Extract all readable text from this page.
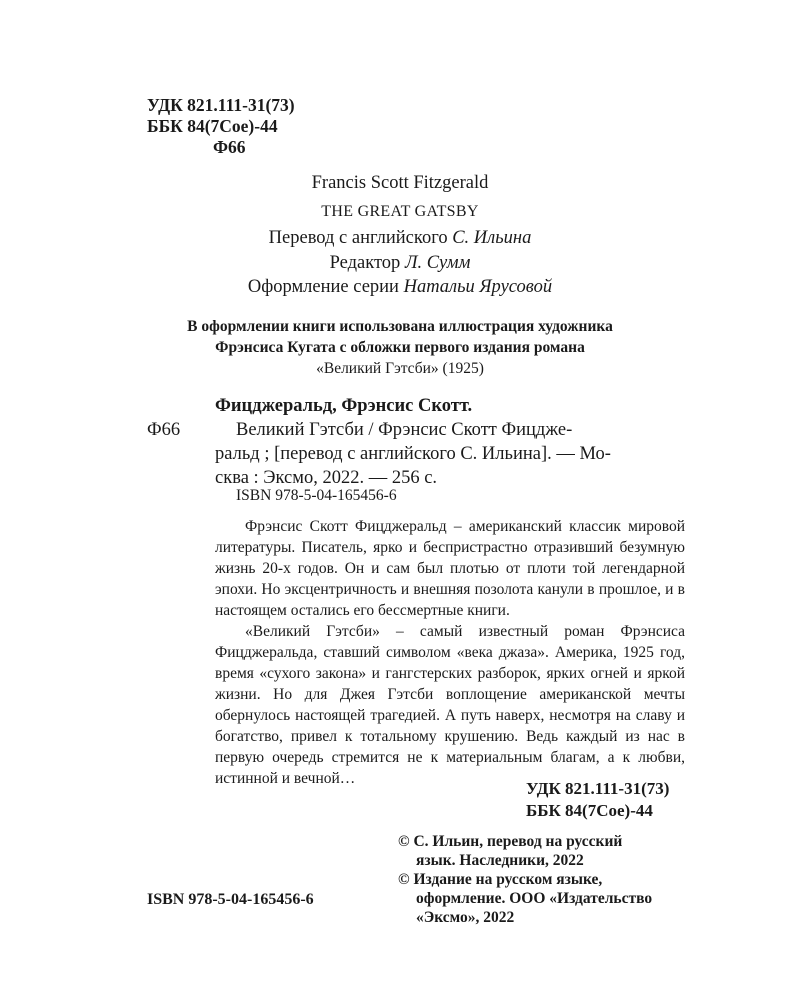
УДК 821.111-31(73)
ББК 84(7Сое)-44
Ф66
Francis Scott Fitzgerald
THE GREAT GATSBY
Перевод с английского С. Ильина
Редактор Л. Сумм
Оформление серии Натальи Ярусовой
В оформлении книги использована иллюстрация художника
Фрэнсиса Кугата с обложки первого издания романа
«Великий Гэтсби» (1925)
Фицджеральд, Фрэнсис Скотт.
Ф66	Великий Гэтсби / Фрэнсис Скотт Фицдже-
ральд ; [перевод с английского С. Ильина]. — Мо-
сква : Эксмо, 2022. — 256 с.
ISBN 978-5-04-165456-6

Фрэнсис Скотт Фицджеральд – американский классик мировой литературы. Писатель, ярко и беспристрастно отразивший безумную жизнь 20-х годов. Он и сам был плотью от плоти той легендарной эпохи. Но эксцентричность и внешняя позолота канули в прошлое, и в настоящем остались его бессмертные книги.

«Великий Гэтсби» – самый известный роман Фрэнсиса Фицджеральда, ставший символом «века джаза». Америка, 1925 год, время «сухого закона» и гангстерских разборок, ярких огней и яркой жизни. Но для Джея Гэтсби воплощение американской мечты обернулось настоящей трагедией. А путь наверх, несмотря на славу и богатство, привел к тотальному крушению. Ведь каждый из нас в первую очередь стремится не к материальным благам, а к любви, истинной и вечной…

УДК 821.111-31(73)
ББК 84(7Сое)-44
© С. Ильин, перевод на русский
язык. Наследники, 2022
© Издание на русском языке,
оформление. ООО «Издательство
«Эксмо», 2022
ISBN 978-5-04-165456-6
